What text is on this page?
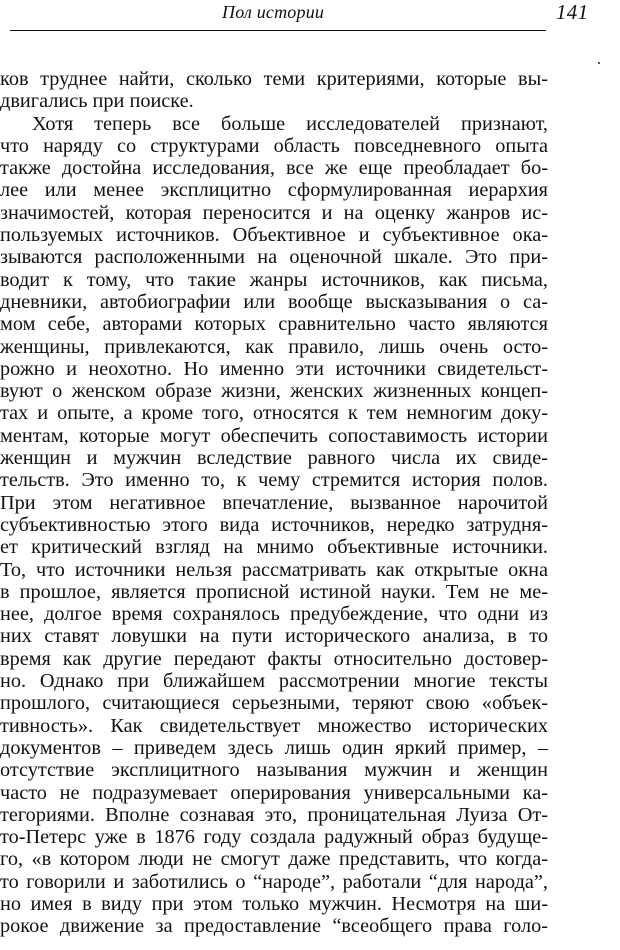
Пол истории	141
ков труднее найти, сколько теми критериями, которые вы-
двигались при поиске.
Хотя теперь все больше исследователей признают,
что наряду со структурами область повседневного опыта
также достойна исследования, все же еще преобладает бо-
лее или менее эксплицитно сформулированная иерархия
значимостей, которая переносится и на оценку жанров ис-
пользуемых источников. Объективное и субъективное ока-
зываются расположенными на оценочной шкале. Это при-
водит к тому, что такие жанры источников, как письма,
дневники, автобиографии или вообще высказывания о са-
мом себе, авторами которых сравнительно часто являются
женщины, привлекаются, как правило, лишь очень осто-
рожно и неохотно. Но именно эти источники свидетельст-
вуют о женском образе жизни, женских жизненных концеп-
тах и опыте, а кроме того, относятся к тем немногим доку-
ментам, которые могут обеспечить сопоставимость истории
женщин и мужчин вследствие равного числа их свиде-
тельств. Это именно то, к чему стремится история полов.
При этом негативное впечатление, вызванное нарочитой
субъективностью этого вида источников, нередко затрудня-
ет критический взгляд на мнимо объективные источники.
То, что источники нельзя рассматривать как открытые окна
в прошлое, является прописной истиной науки. Тем не ме-
нее, долгое время сохранялось предубеждение, что одни из
них ставят ловушки на пути исторического анализа, в то
время как другие передают факты относительно достовер-
но. Однако при ближайшем рассмотрении многие тексты
прошлого, считающиеся серьезными, теряют свою «объек-
тивность». Как свидетельствует множество исторических
документов – приведем здесь лишь один яркий пример, –
отсутствие эксплицитного называния мужчин и женщин
часто не подразумевает оперирования универсальными ка-
тегориями. Вполне сознавая это, проницательная Луиза От-
то-Петерс уже в 1876 году создала радужный образ будуще-
го, «в котором люди не смогут даже представить, что когда-
то говорили и заботились о “народе”, работали “для народа”,
но имея в виду при этом только мужчин. Несмотря на ши-
рокое движение за предоставление “всеобщего права голо-
